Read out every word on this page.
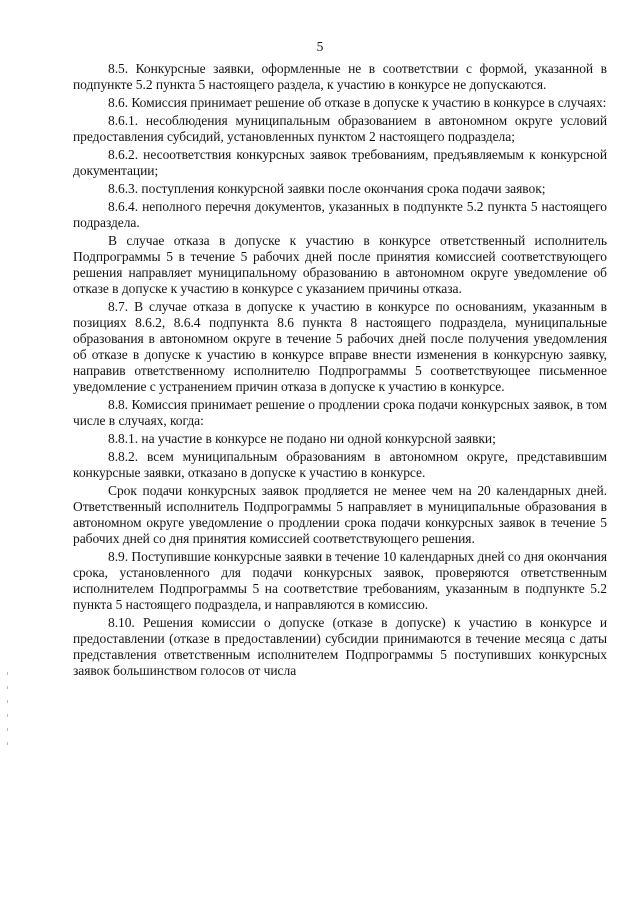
5

8.5. Конкурсные заявки, оформленные не в соответствии с формой, указанной в подпункте 5.2 пункта 5 настоящего раздела, к участию в конкурсе не допускаются.

8.6. Комиссия принимает решение об отказе в допуске к участию в конкурсе в случаях:

8.6.1. несоблюдения муниципальным образованием в автономном округе условий предоставления субсидий, установленных пунктом 2 настоящего подраздела;

8.6.2. несоответствия конкурсных заявок требованиям, предъявляемым к конкурсной документации;

8.6.3. поступления конкурсной заявки после окончания срока подачи заявок;

8.6.4. неполного перечня документов, указанных в подпункте 5.2 пункта 5 настоящего подраздела.

В случае отказа в допуске к участию в конкурсе ответственный исполнитель Подпрограммы 5 в течение 5 рабочих дней после принятия комиссией соответствующего решения направляет муниципальному образованию в автономном округе уведомление об отказе в допуске к участию в конкурсе с указанием причины отказа.

8.7. В случае отказа в допуске к участию в конкурсе по основаниям, указанным в позициях 8.6.2, 8.6.4 подпункта 8.6 пункта 8 настоящего подраздела, муниципальные образования в автономном округе в течение 5 рабочих дней после получения уведомления об отказе в допуске к участию в конкурсе вправе внести изменения в конкурсную заявку, направив ответственному исполнителю Подпрограммы 5 соответствующее письменное уведомление с устранением причин отказа в допуске к участию в конкурсе.

8.8. Комиссия принимает решение о продлении срока подачи конкурсных заявок, в том числе в случаях, когда:

8.8.1. на участие в конкурсе не подано ни одной конкурсной заявки;

8.8.2. всем муниципальным образованиям в автономном округе, представившим конкурсные заявки, отказано в допуске к участию в конкурсе.

Срок подачи конкурсных заявок продляется не менее чем на 20 календарных дней. Ответственный исполнитель Подпрограммы 5 направляет в муниципальные образования в автономном округе уведомление о продлении срока подачи конкурсных заявок в течение 5 рабочих дней со дня принятия комиссией соответствующего решения.

8.9. Поступившие конкурсные заявки в течение 10 календарных дней со дня окончания срока, установленного для подачи конкурсных заявок, проверяются ответственным исполнителем Подпрограммы 5 на соответствие требованиям, указанным в подпункте 5.2 пункта 5 настоящего подраздела, и направляются в комиссию.

8.10. Решения комиссии о допуске (отказе в допуске) к участию в конкурсе и предоставлении (отказе в предоставлении) субсидии принимаются в течение месяца с даты представления ответственным исполнителем Подпрограммы 5 поступивших конкурсных заявок большинством голосов от числа
